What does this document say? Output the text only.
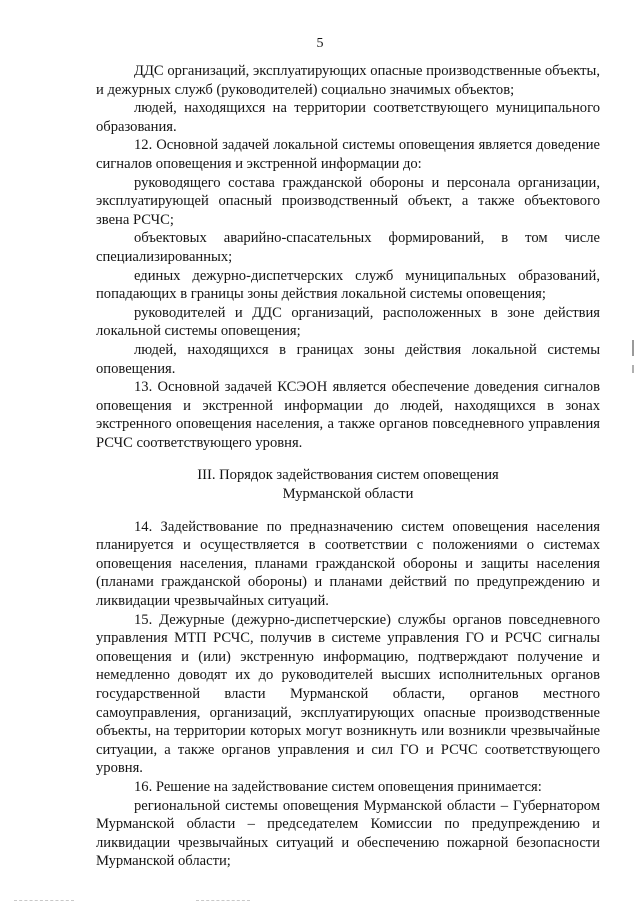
5

ДДС организаций, эксплуатирующих опасные производственные объекты, и дежурных служб (руководителей) социально значимых объектов;

людей, находящихся на территории соответствующего муниципального образования.

12. Основной задачей локальной системы оповещения является доведение сигналов оповещения и экстренной информации до:

руководящего состава гражданской обороны и персонала организации, эксплуатирующей опасный производственный объект, а также объектового звена РСЧС;

объектовых аварийно-спасательных формирований, в том числе специализированных;

единых дежурно-диспетчерских служб муниципальных образований, попадающих в границы зоны действия локальной системы оповещения;

руководителей и ДДС организаций, расположенных в зоне действия локальной системы оповещения;

людей, находящихся в границах зоны действия локальной системы оповещения.

13. Основной задачей КСЭОН является обеспечение доведения сигналов оповещения и экстренной информации до людей, находящихся в зонах экстренного оповещения населения, а также органов повседневного управления РСЧС соответствующего уровня.

III. Порядок задействования систем оповещения
Мурманской области

14. Задействование по предназначению систем оповещения населения планируется и осуществляется в соответствии с положениями о системах оповещения населения, планами гражданской обороны и защиты населения (планами гражданской обороны) и планами действий по предупреждению и ликвидации чрезвычайных ситуаций.

15. Дежурные (дежурно-диспетчерские) службы органов повседневного управления МТП РСЧС, получив в системе управления ГО и РСЧС сигналы оповещения и (или) экстренную информацию, подтверждают получение и немедленно доводят их до руководителей высших исполнительных органов государственной власти Мурманской области, органов местного самоуправления, организаций, эксплуатирующих опасные производственные объекты, на территории которых могут возникнуть или возникли чрезвычайные ситуации, а также органов управления и сил ГО и РСЧС соответствующего уровня.

16. Решение на задействование систем оповещения принимается:

региональной системы оповещения Мурманской области – Губернатором Мурманской области – председателем Комиссии по предупреждению и ликвидации чрезвычайных ситуаций и обеспечению пожарной безопасности Мурманской области;
